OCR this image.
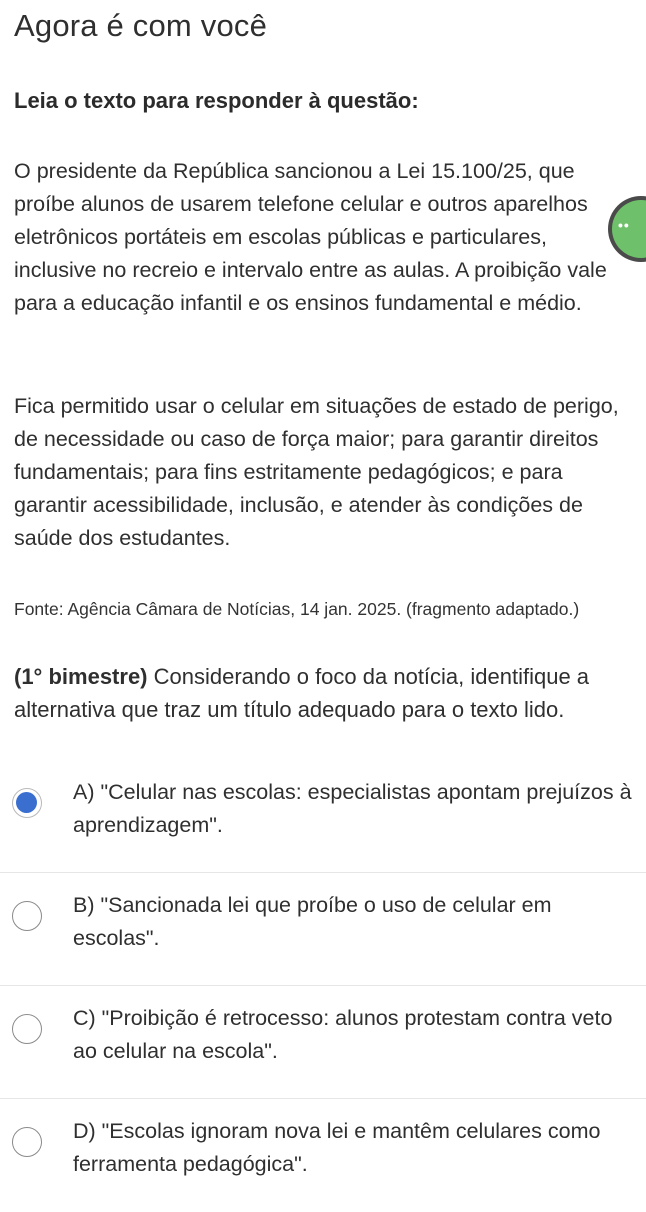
Agora é com você
Leia o texto para responder à questão:
O presidente da República sancionou a Lei 15.100/25, que proíbe alunos de usarem telefone celular e outros aparelhos eletrônicos portáteis em escolas públicas e particulares, inclusive no recreio e intervalo entre as aulas. A proibição vale para a educação infantil e os ensinos fundamental e médio.
Fica permitido usar o celular em situações de estado de perigo, de necessidade ou caso de força maior; para garantir direitos fundamentais; para fins estritamente pedagógicos; e para garantir acessibilidade, inclusão, e atender às condições de saúde dos estudantes.
Fonte: Agência Câmara de Notícias, 14 jan. 2025. (fragmento adaptado.)
(1° bimestre) Considerando o foco da notícia, identifique a alternativa que traz um título adequado para o texto lido.
A) "Celular nas escolas: especialistas apontam prejuízos à aprendizagem".
B) "Sancionada lei que proíbe o uso de celular em escolas".
C) "Proibição é retrocesso: alunos protestam contra veto ao celular na escola".
D) "Escolas ignoram nova lei e mantêm celulares como ferramenta pedagógica".
••
